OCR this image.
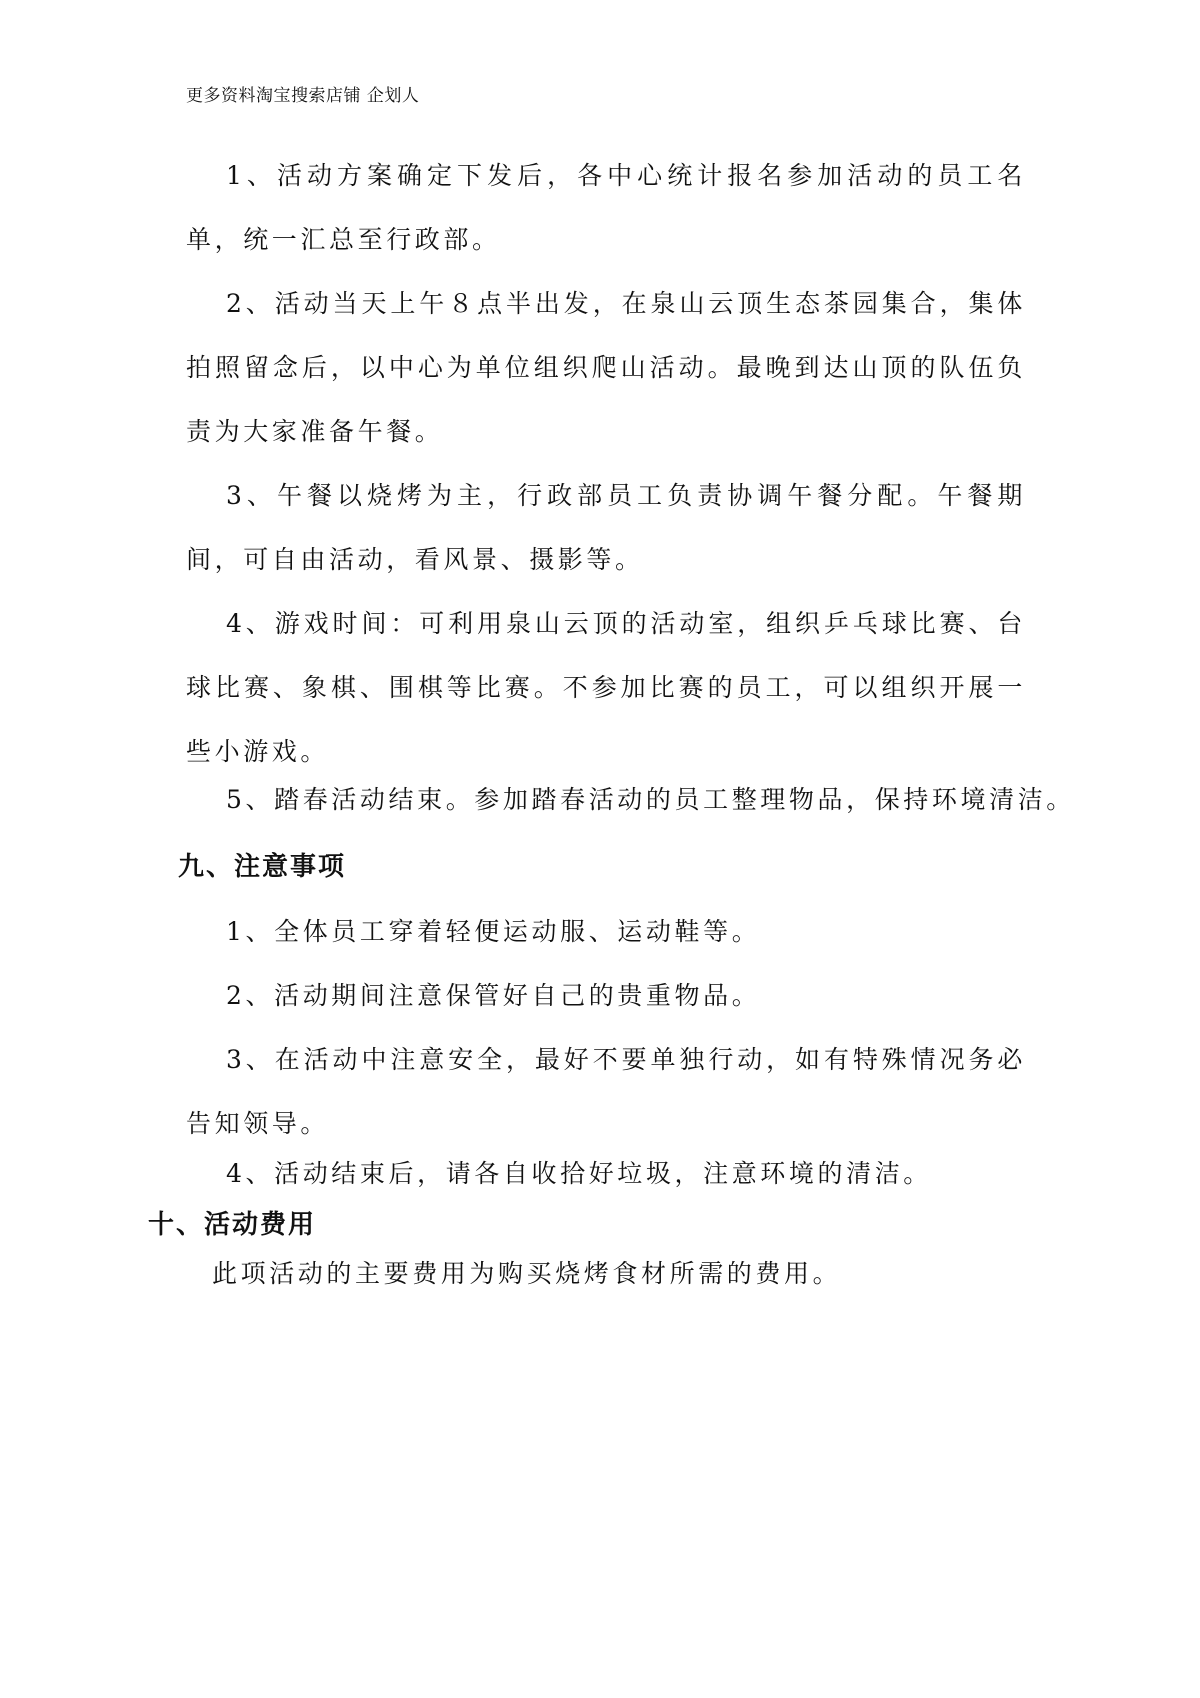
更多资料淘宝搜索店铺 企划人

1、活动方案确定下发后，各中心统计报名参加活动的员工名单，统一汇总至行政部。

2、活动当天上午８点半出发，在泉山云顶生态茶园集合，集体拍照留念后，以中心为单位组织爬山活动。最晚到达山顶的队伍负责为大家准备午餐。

3、午餐以烧烤为主，行政部员工负责协调午餐分配。午餐期间，可自由活动，看风景、摄影等。

4、游戏时间：可利用泉山云顶的活动室，组织乒乓球比赛、台球比赛、象棋、围棋等比赛。不参加比赛的员工，可以组织开展一些小游戏。

5、踏春活动结束。参加踏春活动的员工整理物品，保持环境清洁。
九、注意事项
1、全体员工穿着轻便运动服、运动鞋等。
2、活动期间注意保管好自己的贵重物品。

3、在活动中注意安全，最好不要单独行动，如有特殊情况务必告知领导。

4、活动结束后，请各自收拾好垃圾，注意环境的清洁。
十、活动费用
此项活动的主要费用为购买烧烤食材所需的费用。
